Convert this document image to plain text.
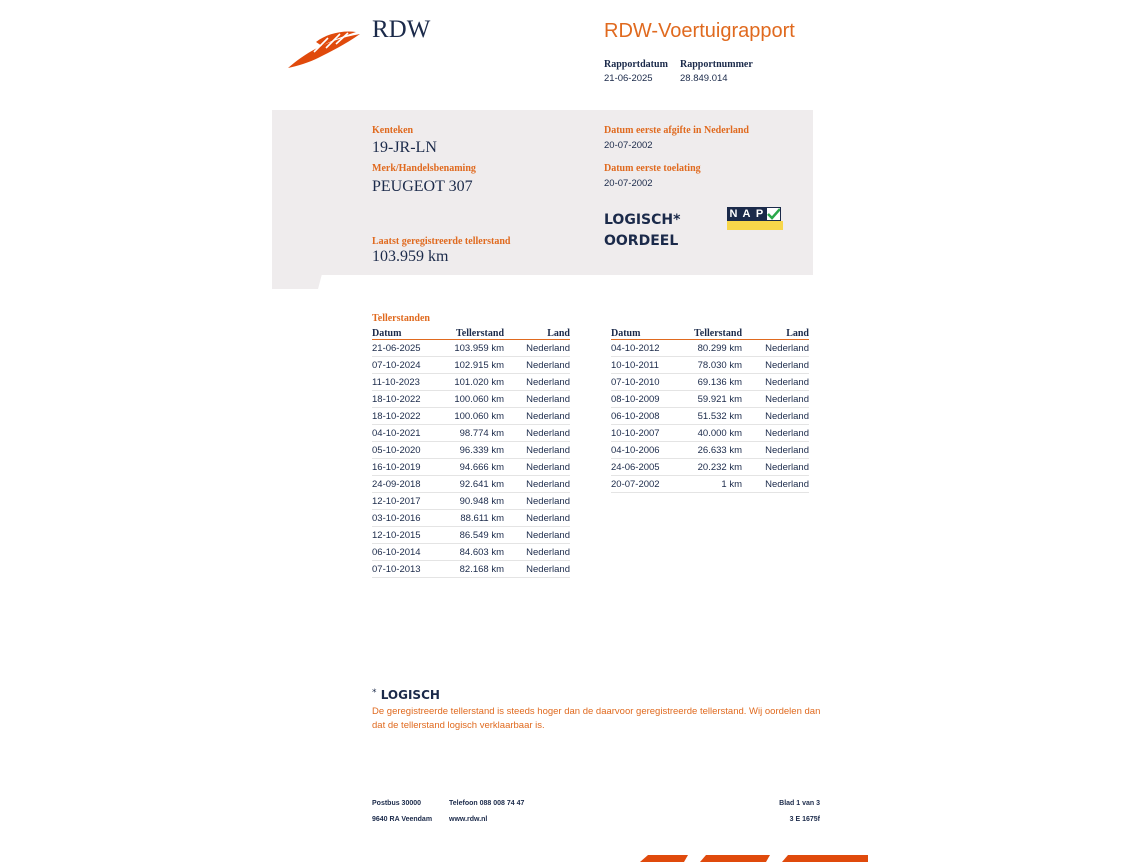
RDW	RDW-Voertuigrapport
Rapportdatum
21-06-2025
Rapportnummer
28.849.014
Kenteken
19-JR-LN
Merk/Handelsbenaming
PEUGEOT 307
Laatst geregistreerde tellerstand
103.959 km
Datum eerste afgifte in Nederland
20-07-2002
Datum eerste toelating
20-07-2002
LOGISCH*
OORDEEL
N A P
Tellerstanden
Datum	Tellerstand	Land
21-06-2025	103.959 km	Nederland
07-10-2024	102.915 km	Nederland
11-10-2023	101.020 km	Nederland
18-10-2022	100.060 km	Nederland
18-10-2022	100.060 km	Nederland
04-10-2021	98.774 km	Nederland
05-10-2020	96.339 km	Nederland
16-10-2019	94.666 km	Nederland
24-09-2018	92.641 km	Nederland
12-10-2017	90.948 km	Nederland
03-10-2016	88.611 km	Nederland
12-10-2015	86.549 km	Nederland
06-10-2014	84.603 km	Nederland
07-10-2013	82.168 km	Nederland
Datum	Tellerstand	Land
04-10-2012	80.299 km	Nederland
10-10-2011	78.030 km	Nederland
07-10-2010	69.136 km	Nederland
08-10-2009	59.921 km	Nederland
06-10-2008	51.532 km	Nederland
10-10-2007	40.000 km	Nederland
04-10-2006	26.633 km	Nederland
24-06-2005	20.232 km	Nederland
20-07-2002	1 km	Nederland
* LOGISCH
De geregistreerde tellerstand is steeds hoger dan de daarvoor geregistreerde tellerstand. Wij oordelen dan dat de tellerstand logisch verklaarbaar is.
Postbus 30000
9640 RA Veendam
Telefoon 088 008 74 47
www.rdw.nl
Blad 1 van 3
3 E 1675f
